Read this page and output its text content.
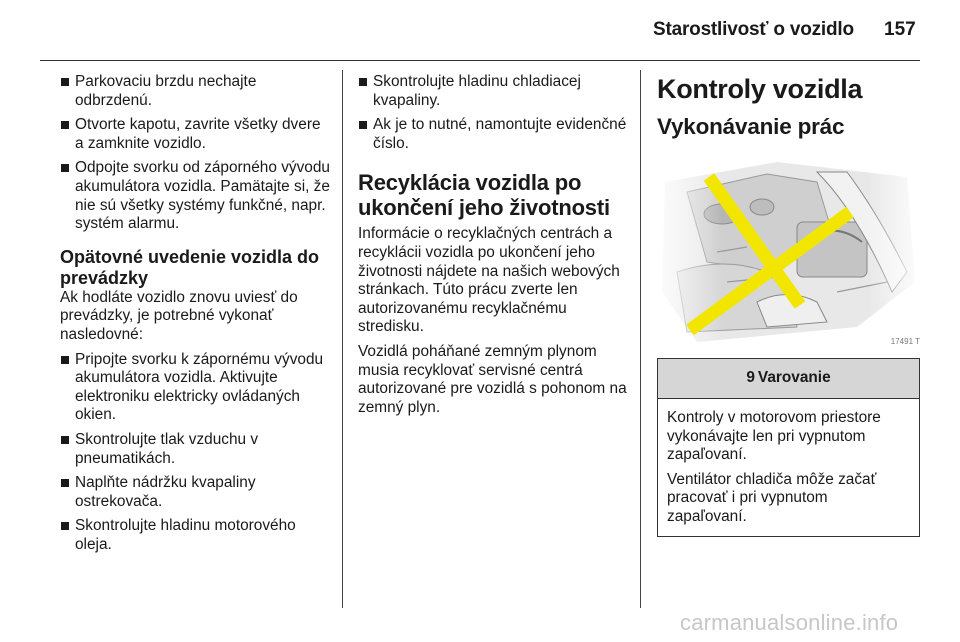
Starostlivosť o vozidlo 157
Parkovaciu brzdu nechajte odbrzdenú.
Otvorte kapotu, zavrite všetky dvere a zamknite vozidlo.
Odpojte svorku od záporného vývodu akumulátora vozidla. Pamätajte si, že nie sú všetky systémy funkčné, napr. systém alarmu.
Opätovné uvedenie vozidla do prevádzky

Ak hodláte vozidlo znovu uviesť do prevádzky, je potrebné vykonať nasledovné:

Pripojte svorku k zápornému vývodu akumulátora vozidla. Aktivujte elektroniku elektricky ovládaných okien.
Skontrolujte tlak vzduchu v pneumatikách.
Naplňte nádržku kvapaliny ostrekovača.
Skontrolujte hladinu motorového oleja.
Skontrolujte hladinu chladiacej kvapaliny.
Ak je to nutné, namontujte evidenčné číslo.
Recyklácia vozidla po ukončení jeho životnosti

Informácie o recyklačných centrách a recyklácii vozidla po ukončení jeho životnosti nájdete na našich webových stránkach. Túto prácu zverte len autorizovanému recyklačnému stredisku.

Vozidlá poháňané zemným plynom musia recyklovať servisné centrá autorizované pre vozidlá s pohonom na zemný plyn.

Kontroly vozidla
Vykonávanie prác
17491 T
9 Varovanie

Kontroly v motorovom priestore vykonávajte len pri vypnutom zapaľovaní.

Ventilátor chladiča môže začať pracovať i pri vypnutom zapaľovaní.

carmanualsonline.info
